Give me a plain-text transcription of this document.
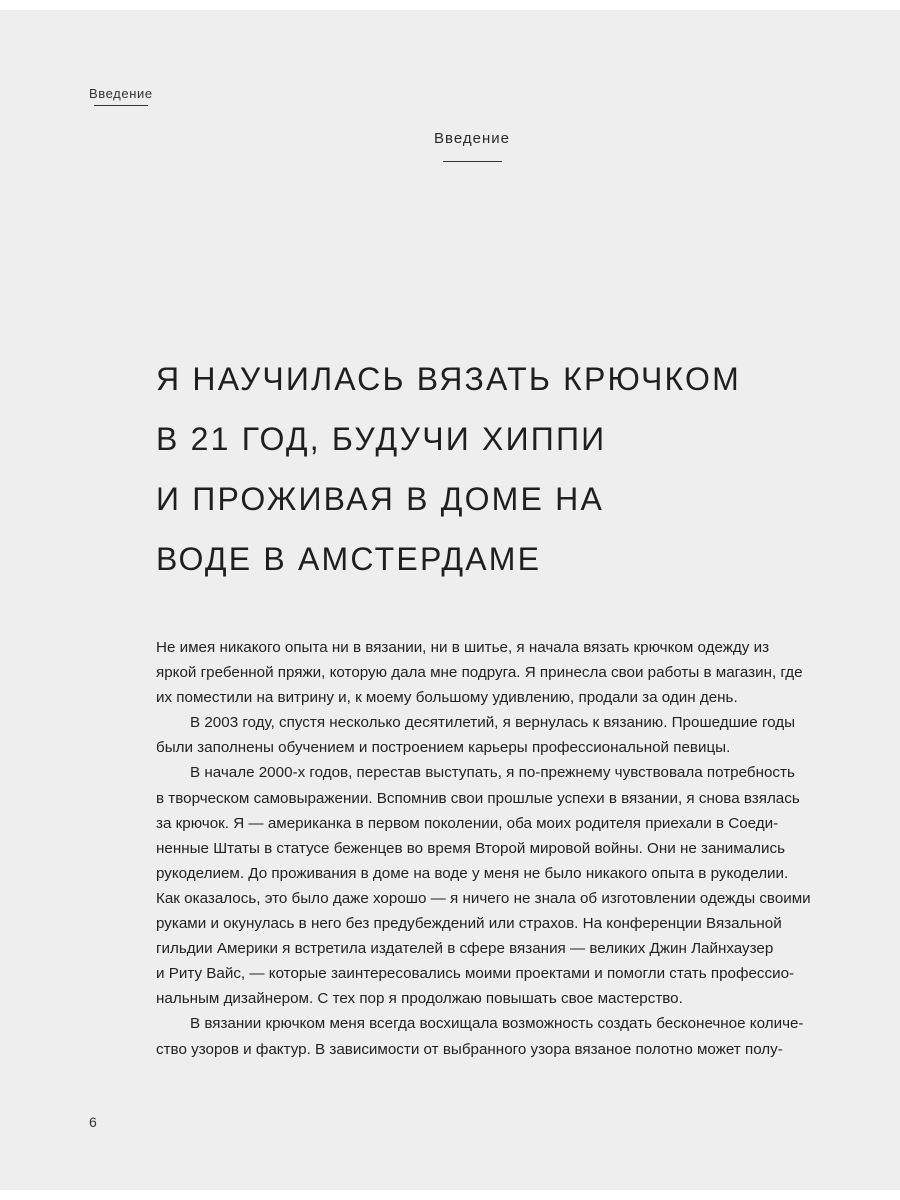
Введение
Введение
Я НАУЧИЛАСЬ ВЯЗАТЬ КРЮЧКОМ
В 21 ГОД, БУДУЧИ ХИППИ
И ПРОЖИВАЯ В ДОМЕ НА
ВОДЕ В АМСТЕРДАМЕ
Не имея никакого опыта ни в вязании, ни в шитье, я начала вязать крючком одежду из
яркой гребенной пряжи, которую дала мне подруга. Я принесла свои работы в магазин, где
их поместили на витрину и, к моему большому удивлению, продали за один день.
В 2003 году, спустя несколько десятилетий, я вернулась к вязанию. Прошедшие годы
были заполнены обучением и построением карьеры профессиональной певицы.
В начале 2000-х годов, перестав выступать, я по-прежнему чувствовала потребность
в творческом самовыражении. Вспомнив свои прошлые успехи в вязании, я снова взялась
за крючок. Я — американка в первом поколении, оба моих родителя приехали в Соеди-
ненные Штаты в статусе беженцев во время Второй мировой войны. Они не занимались
рукоделием. До проживания в доме на воде у меня не было никакого опыта в рукоделии.
Как оказалось, это было даже хорошо — я ничего не знала об изготовлении одежды своими
руками и окунулась в него без предубеждений или страхов. На конференции Вязальной
гильдии Америки я встретила издателей в сфере вязания — великих Джин Лайнхаузер
и Риту Вайс, — которые заинтересовались моими проектами и помогли стать профессио-
нальным дизайнером. С тех пор я продолжаю повышать свое мастерство.
В вязании крючком меня всегда восхищала возможность создать бесконечное количе-
ство узоров и фактур. В зависимости от выбранного узора вязаное полотно может полу-
6
